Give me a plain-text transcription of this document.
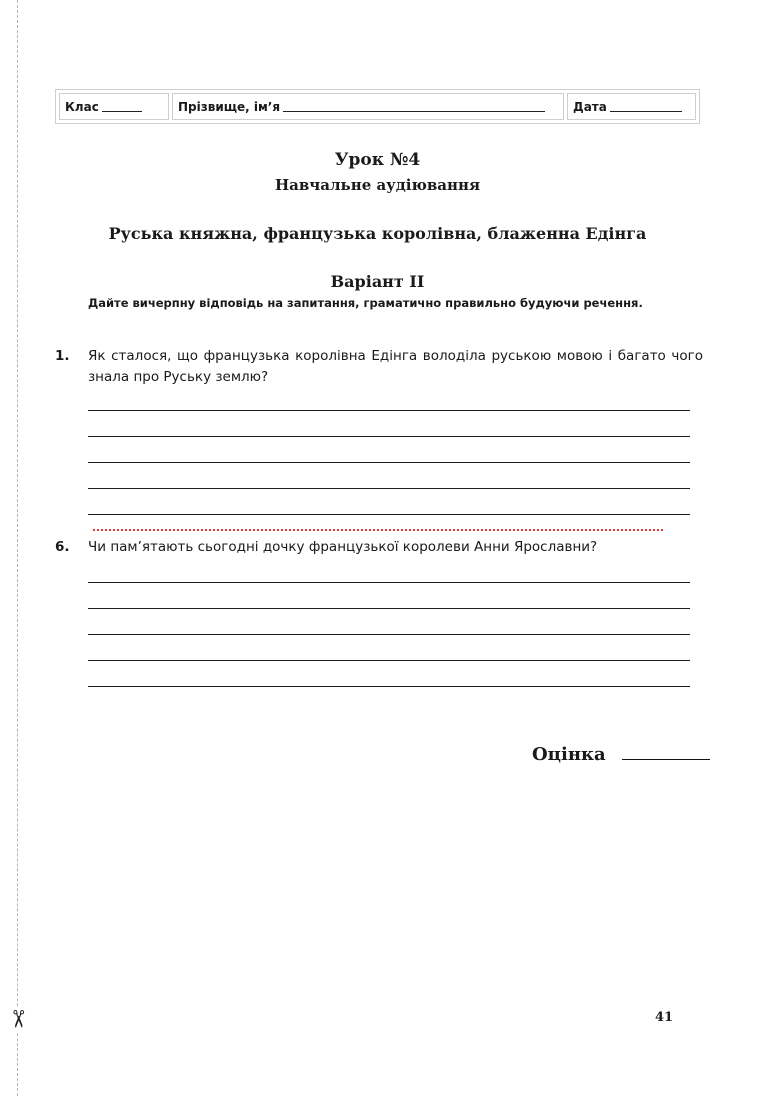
✂
Клас	Прізвище, ім’я	Дата
Урок №4
Навчальне аудіювання
Руська княжна, французька королівна, блаженна Едінга
Варіант ІІ
Дайте вичерпну відповідь на запитання, граматично правильно будуючи речення.
1. Як сталося, що французька королівна Едінга володіла руською мовою і багато чого знала про Руську землю?
6. Чи пам’ятають сьогодні дочку французької королеви Анни Ярославни?
Оцінка
41
